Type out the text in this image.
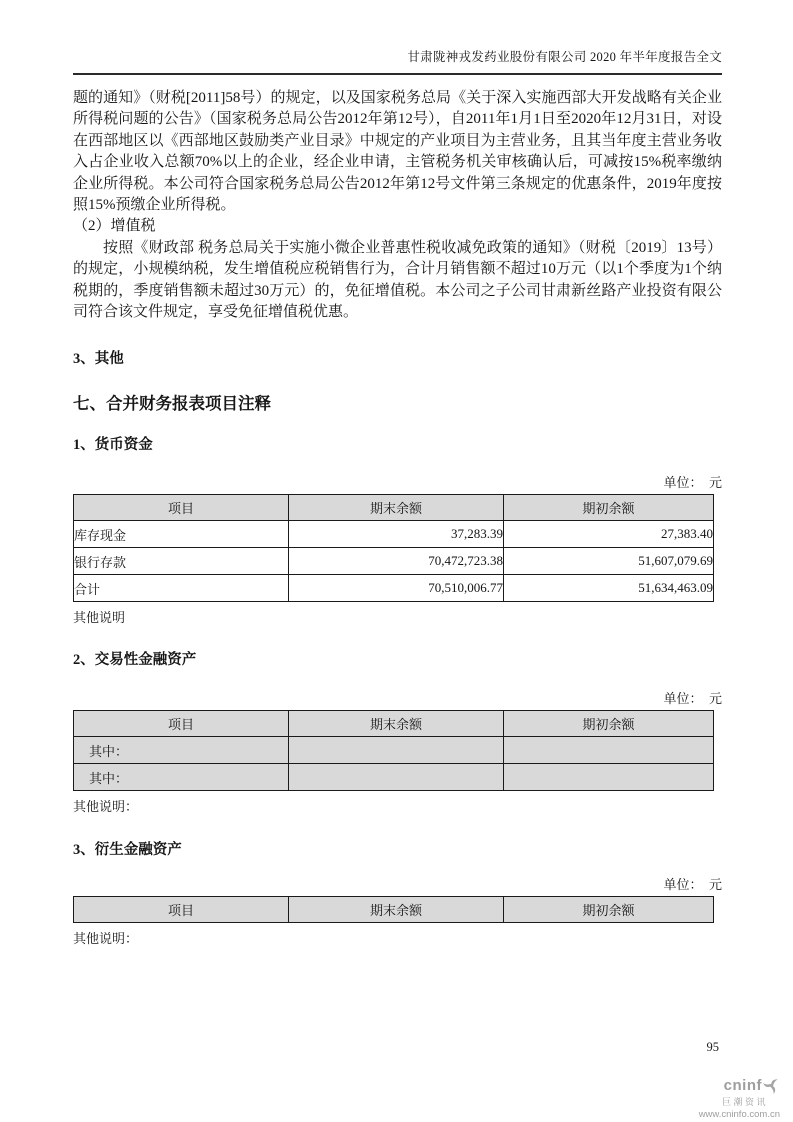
甘肃陇神戎发药业股份有限公司 2020 年半年度报告全文

题的通知》（财税[2011]58号）的规定，以及国家税务总局《关于深入实施西部大开发战略有关企业所得税问题的公告》（国家税务总局公告2012年第12号），自2011年1月1日至2020年12月31日，对设在西部地区以《西部地区鼓励类产业目录》中规定的产业项目为主营业务，且其当年度主营业务收入占企业收入总额70%以上的企业，经企业申请，主管税务机关审核确认后，可减按15%税率缴纳企业所得税。本公司符合国家税务总局公告2012年第12号文件第三条规定的优惠条件，2019年度按照15%预缴企业所得税。

（2）增值税

按照《财政部 税务总局关于实施小微企业普惠性税收减免政策的通知》（财税〔2019〕13号）的规定，小规模纳税，发生增值税应税销售行为，合计月销售额不超过10万元（以1个季度为1个纳税期的，季度销售额未超过30万元）的，免征增值税。本公司之子公司甘肃新丝路产业投资有限公司符合该文件规定，享受免征增值税优惠。

3、其他
七、合并财务报表项目注释
1、货币资金
单位：　元
项目	期末余额	期初余额
库存现金	37,283.39	27,383.40
银行存款	70,472,723.38	51,607,079.69
合计	70,510,006.77	51,634,463.09
其他说明
2、交易性金融资产
单位：　元
项目	期末余额	期初余额
其中：		
其中：		
其他说明：
3、衍生金融资产
单位：　元
项目	期末余额	期初余额
其他说明：
95
cninf
巨潮资讯
www.cninfo.com.cn
